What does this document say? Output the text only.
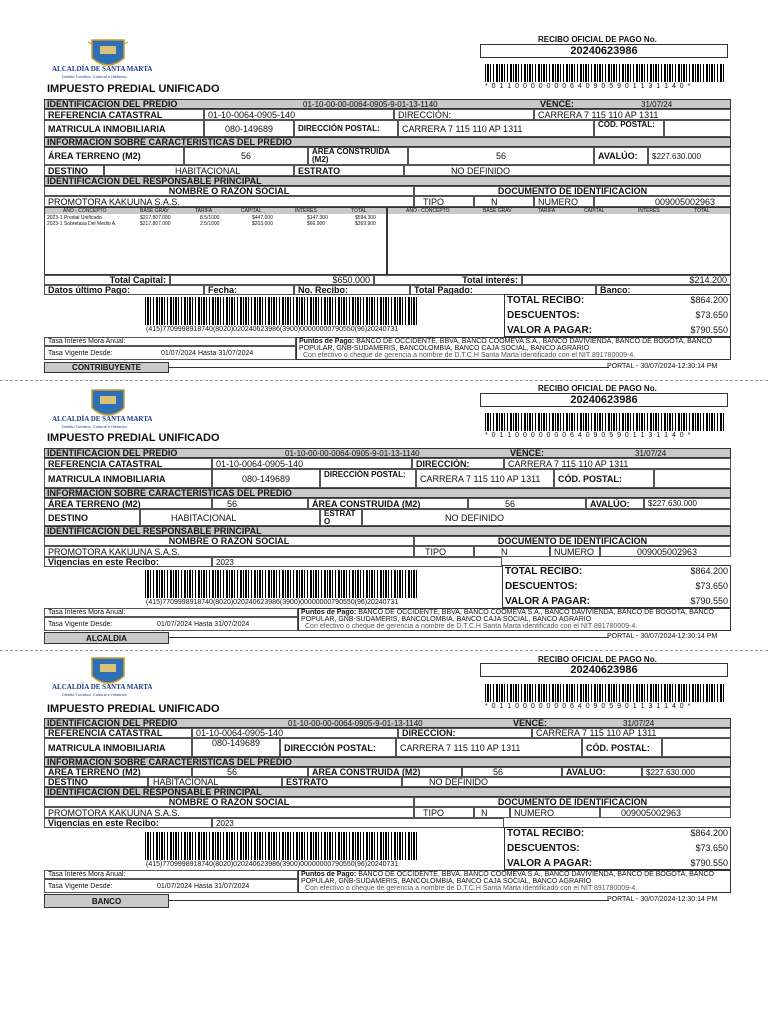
ALCALDÍA DE SANTA MARTA
Distrito Turístico, Cultural e Histórico
RECIBO OFICIAL DE PAGO No.
20240623986
* 0 1 1 0 0 0 0 0 0 0 6 4 0 9 0 5 9 0 1 1 3 1 1 4 0 *
IMPUESTO PREDIAL UNIFICADO
IDENTIFICACION DEL PREDIO	01-10-00-00-0064-0905-9-01-13-1140	VENCE:	31/07/24
REFERENCIA CATASTRAL	01-10-0064-0905-140	DIRECCIÓN:	CARRERA 7 115 110 AP 1311
MATRICULA INMOBILIARIA	080-149689	DIRECCIÓN POSTAL:	CARRERA 7 115 110 AP 1311	CÓD. POSTAL:
INFORMACIÓN SOBRE CARACTERÍSTICAS DEL PREDIO
ÁREA TERRENO (M2)	56	ÁREA CONSTRUIDA (M2)	56	AVALÚO:	$227.630.000
DESTINO	HABITACIONAL	ESTRATO	NO DEFINIDO
IDENTIFICACIÓN DEL RESPONSABLE PRINCIPAL
NOMBRE O RAZON SOCIAL	DOCUMENTO DE IDENTIFICACIÓN
PROMOTORA KAKUUNA S.A.S.	TIPO	N	NUMERO	009005002963
AÑO - CONCEPTO	BASE GRAV	TARIFA	CAPITAL	INTERES	TOTAL
2023-1 Predial Unificado	$217.807.000	8.5/1000	$447.000	$147.300	$594.300
2023-1 Sobretasa Del Medio A.	$217.807.000	2.5/1000	$203.000	$66.900	$269.900
AÑO - CONCEPTO	BASE GRAV	TARIFA	CAPITAL	INTERES	TOTAL
Total Capital:	$650.000	Total interés:	$214.200
Datos último Pago:	Fecha:	No. Recibo:	Total Pagado:	Banco:
(415)7709998918740(8020)020240623986(3900)00000000790550(96)20240731
TOTAL RECIBO:	$864.200
DESCUENTOS:	$73.650
VALOR A PAGAR:	$790.550
Tasa Interés Mora Anual:
Tasa Vigente Desde:	01/07/2024 Hasta 31/07/2024
Puntos de Pago: BANCO DE OCCIDENTE, BBVA, BANCO COOMEVA S.A., BANCO DAVIVIENDA, BANCO DE BOGOTA, BANCO POPULAR, GNB-SUDAMERIS, BANCOLOMBIA, BANCO CAJA SOCIAL, BANCO AGRARIO
Con efectivo o cheque de gerencia a nombre de D.T.C.H Santa Marta identificado con el NIT 891780009-4.
CONTRIBUYENTE	PORTAL - 30/07/2024-12:30:14 PM
ALCALDÍA DE SANTA MARTA
Distrito Turístico, Cultural e Histórico
RECIBO OFICIAL DE PAGO No.
20240623986
* 0 1 1 0 0 0 0 0 0 0 6 4 0 9 0 5 9 0 1 1 3 1 1 4 0 *
IMPUESTO PREDIAL UNIFICADO
IDENTIFICACION DEL PREDIO	01-10-00-00-0064-0905-9-01-13-1140	VENCE:	31/07/24
REFERENCIA CATASTRAL	01-10-0064-0905-140	DIRECCIÓN:	CARRERA 7 115 110 AP 1311
MATRICULA INMOBILIARIA	080-149689	DIRECCIÓN POSTAL:	CARRERA 7 115 110 AP 1311	CÓD. POSTAL:
INFORMACIÓN SOBRE CARACTERÍSTICAS DEL PREDIO
ÁREA TERRENO (M2)	56	ÁREA CONSTRUIDA (M2)	56	AVALÚO:	$227.630.000
DESTINO	HABITACIONAL	ESTRATO	NO DEFINIDO
IDENTIFICACIÓN DEL RESPONSABLE PRINCIPAL
NOMBRE O RAZON SOCIAL	DOCUMENTO DE IDENTIFICACIÓN
PROMOTORA KAKUUNA S.A.S.	TIPO	N	NUMERO	009005002963
Vigencias en este Recibo:	2023
(415)7709998918740(8020)020240623986(3900)00000000790550(96)20240731
TOTAL RECIBO:	$864.200
DESCUENTOS:	$73.650
VALOR A PAGAR:	$790.550
Tasa Interés Mora Anual:
Tasa Vigente Desde:	01/07/2024 Hasta 31/07/2024
Puntos de Pago: BANCO DE OCCIDENTE, BBVA, BANCO COOMEVA S.A., BANCO DAVIVIENDA, BANCO DE BOGOTA, BANCO POPULAR, GNB-SUDAMERIS, BANCOLOMBIA, BANCO CAJA SOCIAL, BANCO AGRARIO
Con efectivo o cheque de gerencia a nombre de D.T.C.H Santa Marta identificado con el NIT 891780009-4.
ALCALDIA	PORTAL - 30/07/2024-12:30:14 PM
ALCALDÍA DE SANTA MARTA
Distrito Turístico, Cultural e Histórico
RECIBO OFICIAL DE PAGO No.
20240623986
* 0 1 1 0 0 0 0 0 0 0 6 4 0 9 0 5 9 0 1 1 3 1 1 4 0 *
IMPUESTO PREDIAL UNIFICADO
IDENTIFICACION DEL PREDIO	01-10-00-00-0064-0905-9-01-13-1140	VENCE:	31/07/24
REFERENCIA CATASTRAL	01-10-0064-0905-140	DIRECCIÓN:	CARRERA 7 115 110 AP 1311
MATRICULA INMOBILIARIA	080-149689	DIRECCIÓN POSTAL:	CARRERA 7 115 110 AP 1311	CÓD. POSTAL:
INFORMACIÓN SOBRE CARACTERÍSTICAS DEL PREDIO
ÁREA TERRENO (M2)	56	ÁREA CONSTRUIDA (M2)	56	AVALÚO:	$227.630.000
DESTINO	HABITACIONAL	ESTRATO	NO DEFINIDO
IDENTIFICACIÓN DEL RESPONSABLE PRINCIPAL
NOMBRE O RAZON SOCIAL	DOCUMENTO DE IDENTIFICACIÓN
PROMOTORA KAKUUNA S.A.S.	TIPO	N	NUMERO	009005002963
Vigencias en este Recibo:	2023
(415)7709998918740(8020)020240623986(3900)00000000790550(96)20240731
TOTAL RECIBO:	$864.200
DESCUENTOS:	$73.650
VALOR A PAGAR:	$790.550
Tasa Interés Mora Anual:
Tasa Vigente Desde:	01/07/2024 Hasta 31/07/2024
Puntos de Pago: BANCO DE OCCIDENTE, BBVA, BANCO COOMEVA S.A., BANCO DAVIVIENDA, BANCO DE BOGOTA, BANCO POPULAR, GNB-SUDAMERIS, BANCOLOMBIA, BANCO CAJA SOCIAL, BANCO AGRARIO
Con efectivo o cheque de gerencia a nombre de D.T.C.H Santa Marta identificado con el NIT 891780009-4.
BANCO	PORTAL - 30/07/2024-12:30:14 PM
